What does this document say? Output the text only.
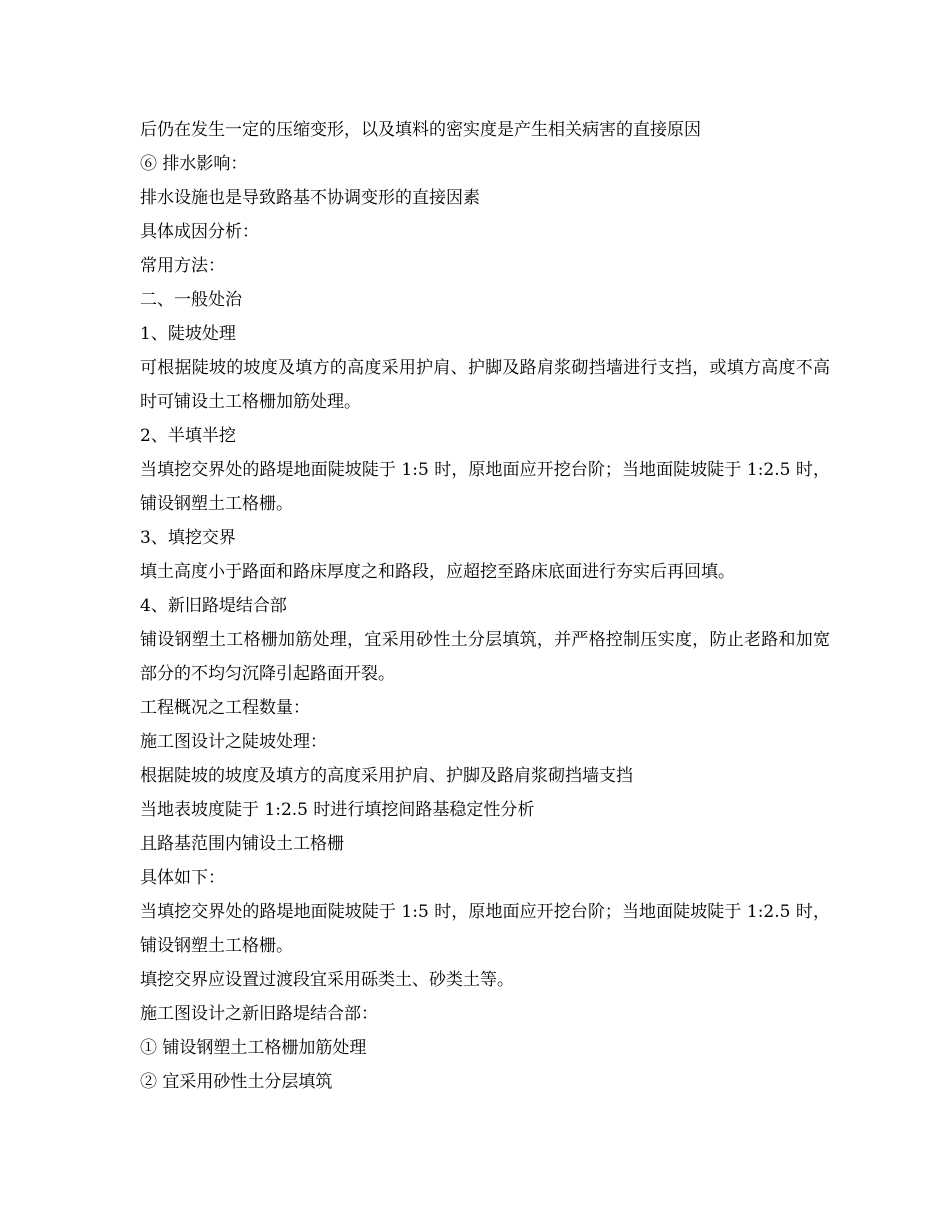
后仍在发生一定的压缩变形，以及填料的密实度是产生相关病害的直接原因
⑥ 排水影响：
排水设施也是导致路基不协调变形的直接因素
具体成因分析：
常用方法：
二、一般处治
1、陡坡处理
可根据陡坡的坡度及填方的高度采用护肩、护脚及路肩浆砌挡墙进行支挡，或填方高度不高时可铺设土工格栅加筋处理。
2、半填半挖
当填挖交界处的路堤地面陡坡陡于 1:5 时，原地面应开挖台阶；当地面陡坡陡于 1:2.5 时，铺设钢塑土工格栅。
3、填挖交界
填土高度小于路面和路床厚度之和路段，应超挖至路床底面进行夯实后再回填。
4、新旧路堤结合部
铺设钢塑土工格栅加筋处理，宜采用砂性土分层填筑，并严格控制压实度，防止老路和加宽部分的不均匀沉降引起路面开裂。
工程概况之工程数量：
施工图设计之陡坡处理：
根据陡坡的坡度及填方的高度采用护肩、护脚及路肩浆砌挡墙支挡
当地表坡度陡于 1:2.5 时进行填挖间路基稳定性分析
且路基范围内铺设土工格栅
具体如下：
当填挖交界处的路堤地面陡坡陡于 1:5 时，原地面应开挖台阶；当地面陡坡陡于 1:2.5 时，铺设钢塑土工格栅。
填挖交界应设置过渡段宜采用砾类土、砂类土等。
施工图设计之新旧路堤结合部：
① 铺设钢塑土工格栅加筋处理
② 宜采用砂性土分层填筑
